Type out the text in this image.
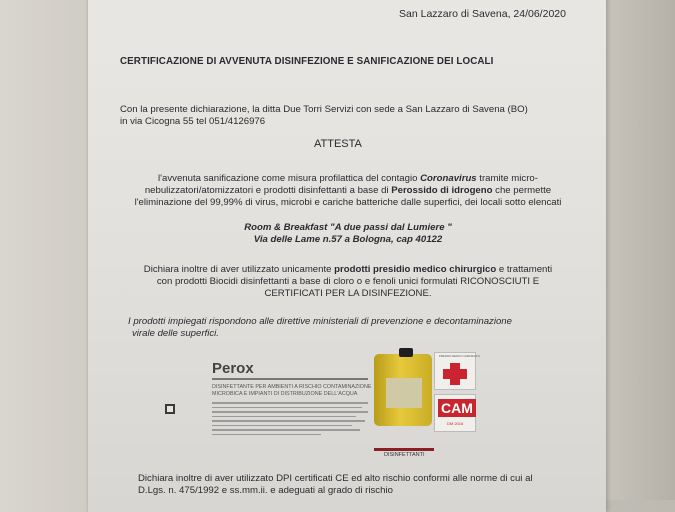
San Lazzaro di Savena, 24/06/2020

CERTIFICAZIONE DI AVVENUTA DISINFEZIONE E SANIFICAZIONE DEI LOCALI

Con la presente dichiarazione, la ditta Due Torri Servizi con sede a San Lazzaro di Savena (BO)

in via Cicogna 55 tel 051/4126976

ATTESTA

l'avvenuta sanificazione come misura profilattica del contagio Coronavirus tramite micro-

nebulizzatori/atomizzatori e prodotti disinfettanti a base di Perossido di idrogeno che permette

l'eliminazione del 99,99% di virus, microbi e cariche batteriche dalle superfici, dei locali sotto elencati

Room & Breakfast "A due passi dal Lumiere "

Via delle Lame n.57 a Bologna, cap 40122

Dichiara inoltre di aver utilizzato unicamente prodotti presidio medico chirurgico e trattamenti

con prodotti Biocidi disinfettanti a base di cloro o e fenoli unici formulati RICONOSCIUTI E

CERTIFICATI PER LA DISINFEZIONE.

I prodotti impiegati rispondono alle direttive ministeriali di prevenzione e decontaminazione

virale delle superfici.

Perox

DISINFETTANTE PER AMBIENTI A RISCHIO CONTAMINAZIONE

MICROBICA E IMPIANTI DI DISTRIBUZIONE DELL'ACQUA

DISINFETTANTI

PRESIDIO MEDICO CHIRURGICO

CAM

DM 2016

Dichiara inoltre di aver utilizzato DPI certificati CE ed alto rischio conformi alle norme di cui al

D.Lgs. n. 475/1992 e ss.mm.ii. e adeguati al grado di rischio
